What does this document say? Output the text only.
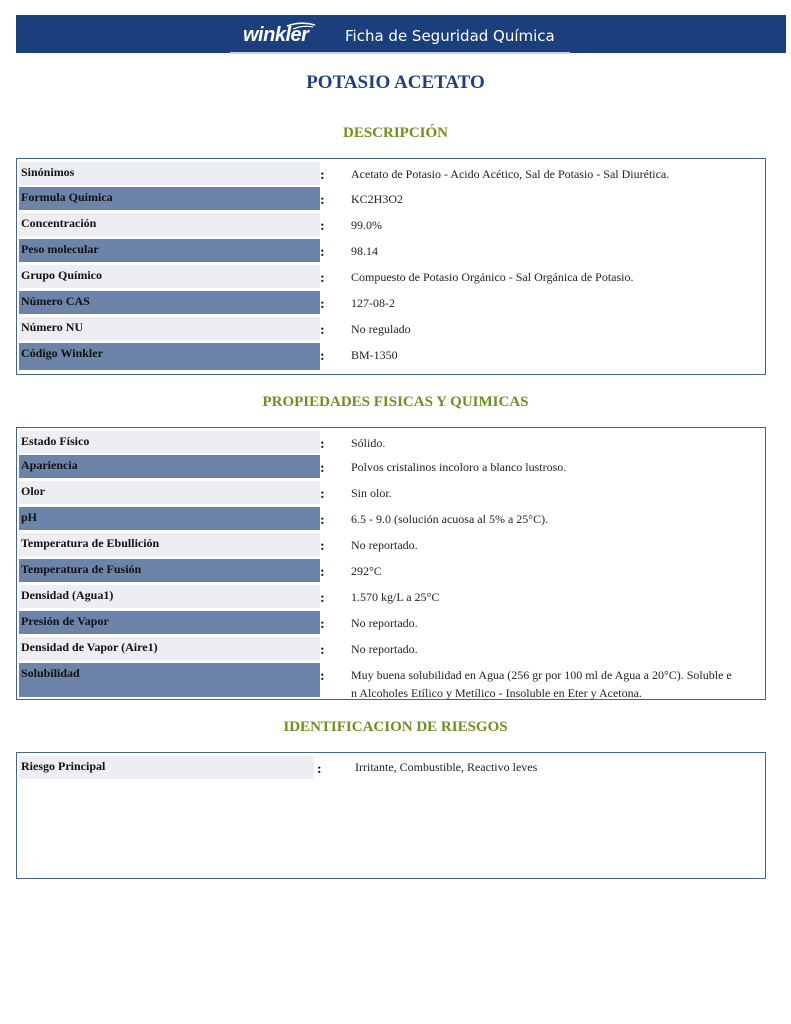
winkler Ficha de Seguridad Química
POTASIO ACETATO
DESCRIPCIÓN
Sinónimos	: Acetato de Potasio - Acido Acético, Sal de Potasio - Sal Diurética.
Formula Química	: KC2H3O2
Concentración	: 99.0%
Peso molecular	: 98.14
Grupo Químico	: Compuesto de Potasio Orgánico - Sal Orgánica de Potasio.
Número CAS	: 127-08-2
Número NU	: No regulado
Código Winkler	: BM-1350
PROPIEDADES FISICAS Y QUIMICAS
Estado Físico	: Sólido.
Apariencia	: Polvos cristalinos incoloro a blanco lustroso.
Olor	: Sin olor.
pH	: 6.5 - 9.0 (solución acuosa al 5% a 25°C).
Temperatura de Ebullición	: No reportado.
Temperatura de Fusión	: 292°C
Densidad (Agua1)	: 1.570 kg/L a 25°C
Presión de Vapor	: No reportado.
Densidad de Vapor (Aire1)	: No reportado.
Solubilidad	: Muy buena solubilidad en Agua (256 gr por 100 ml de Agua a 20°C). Soluble e
n Alcoholes Etílico y Metílico - Insoluble en Eter y Acetona.
IDENTIFICACION DE RIESGOS
Riesgo Principal	:	Irritante, Combustible, Reactivo leves
